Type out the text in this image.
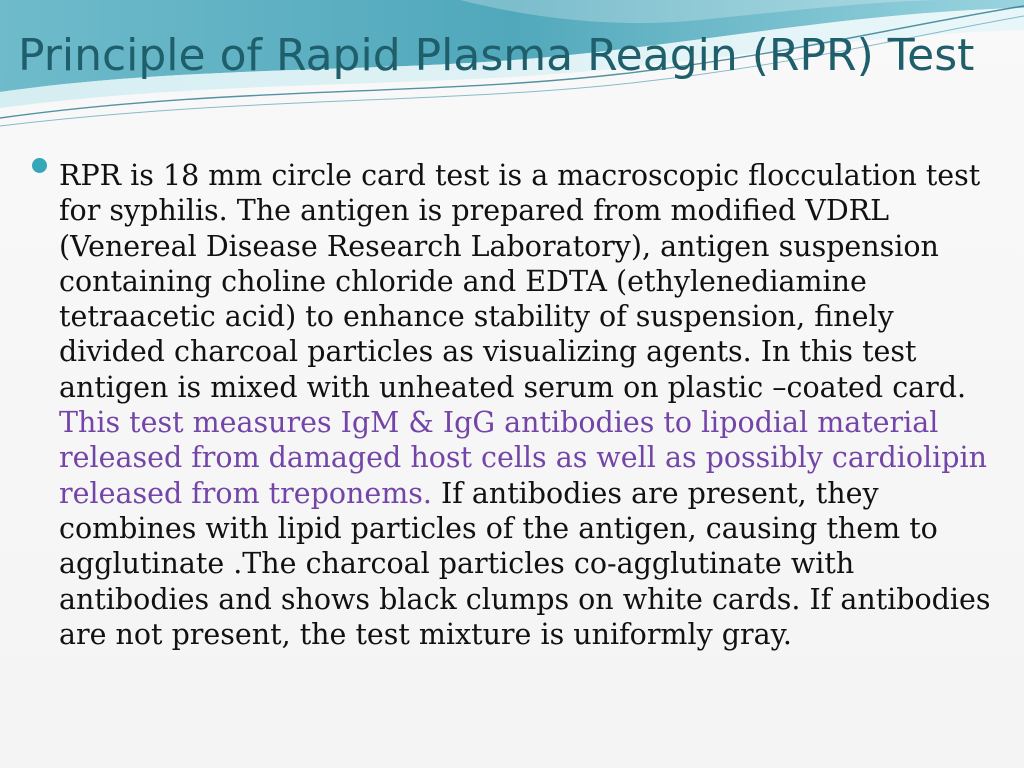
Principle of Rapid Plasma Reagin (RPR) Test

RPR is 18 mm circle card test is a macroscopic flocculation test for syphilis. The antigen is prepared from modified VDRL (Venereal Disease Research Laboratory), antigen suspension containing choline chloride and EDTA (ethylenediamine tetraacetic acid) to enhance stability of suspension, finely divided charcoal particles as visualizing agents. In this test antigen is mixed with unheated serum on plastic –coated card. This test measures IgM & IgG antibodies to lipodial material released from damaged host cells as well as possibly cardiolipin released from treponems. If antibodies are present, they combines with lipid particles of the antigen, causing them to agglutinate .The charcoal particles co-agglutinate with antibodies and shows black clumps on white cards. If antibodies are not present, the test mixture is uniformly gray.
